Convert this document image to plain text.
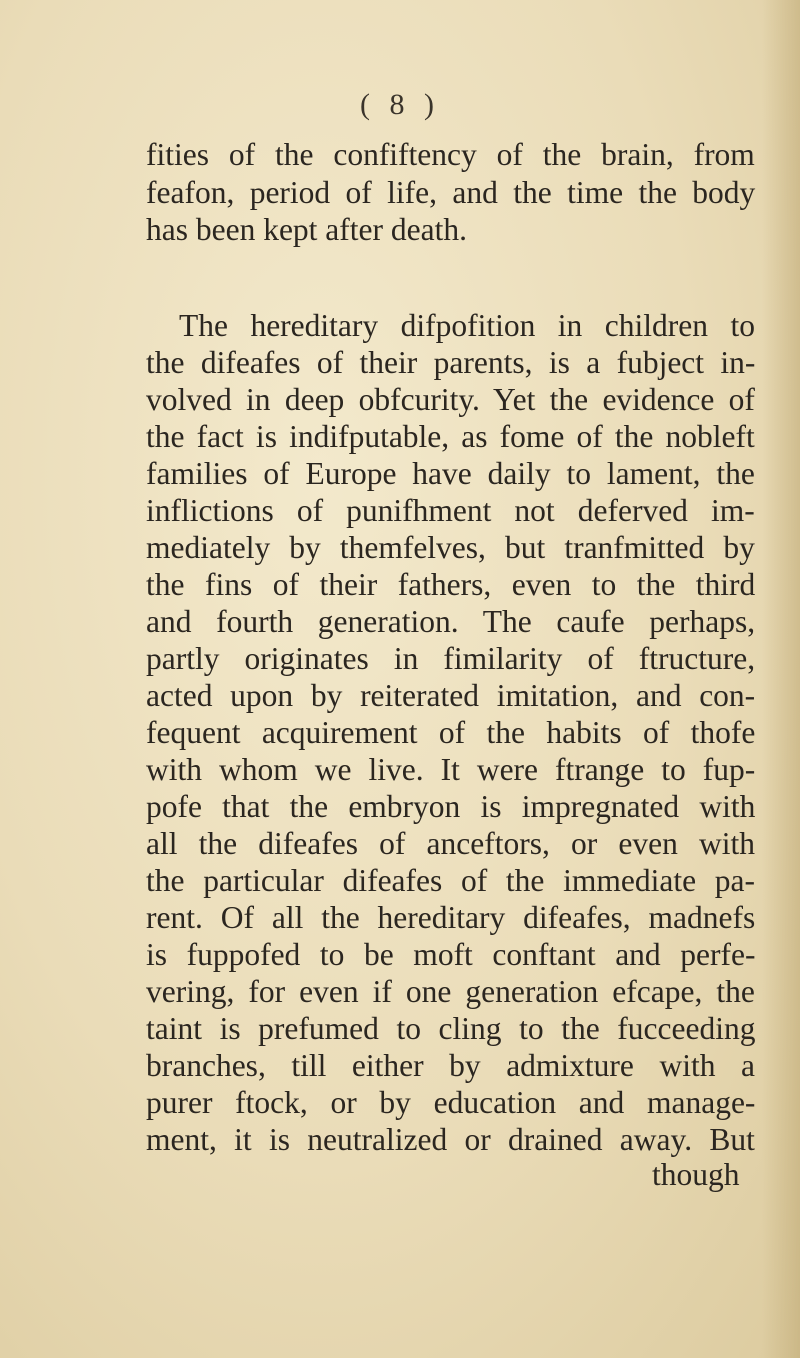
( 8 )
fities of the confiftency of the brain, from
feafon, period of life, and the time the body
has been kept after death.
The hereditary difpofition in children to
the difeafes of their parents, is a fubject in-
volved in deep obfcurity. Yet the evidence of
the fact is indifputable, as fome of the nobleft
families of Europe have daily to lament, the
inflictions of punifhment not deferved im-
mediately by themfelves, but tranfmitted by
the fins of their fathers, even to the third
and fourth generation. The caufe perhaps,
partly originates in fimilarity of ftructure,
acted upon by reiterated imitation, and con-
fequent acquirement of the habits of thofe
with whom we live. It were ftrange to fup-
pofe that the embryon is impregnated with
all the difeafes of anceftors, or even with
the particular difeafes of the immediate pa-
rent. Of all the hereditary difeafes, madnefs
is fuppofed to be moft conftant and perfe-
vering, for even if one generation efcape, the
taint is prefumed to cling to the fucceeding
branches, till either by admixture with a
purer ftock, or by education and manage-
ment, it is neutralized or drained away. But
though
